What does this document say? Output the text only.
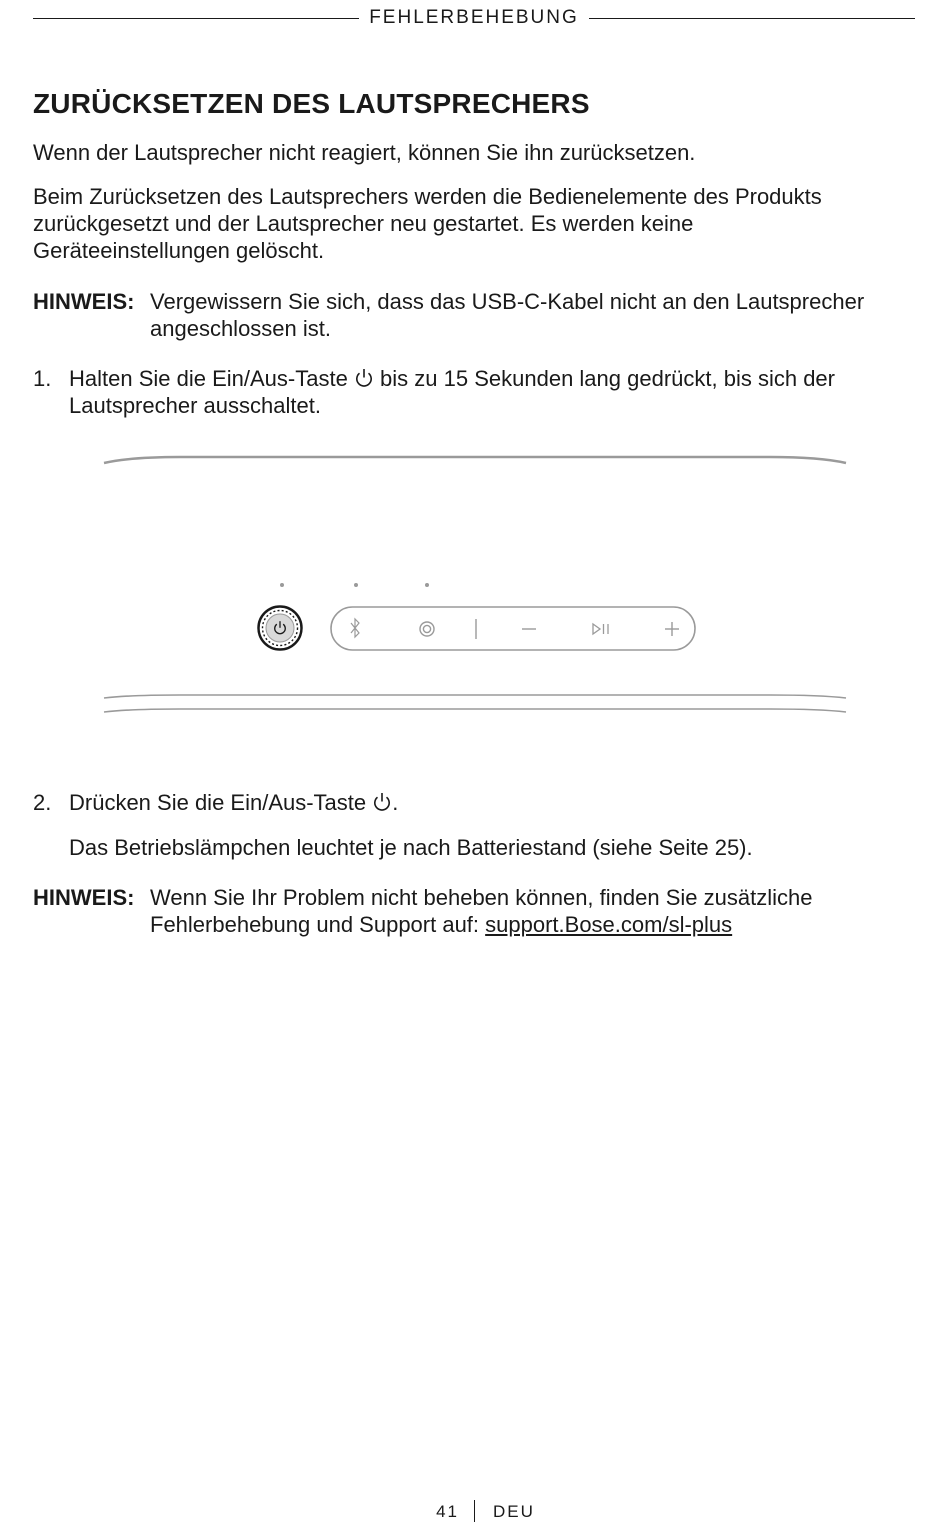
FEHLERBEHEBUNG
ZURÜCKSETZEN DES LAUTSPRECHERS

Wenn der Lautsprecher nicht reagiert, können Sie ihn zurücksetzen.

Beim Zurücksetzen des Lautsprechers werden die Bedienelemente des Produkts zurückgesetzt und der Lautsprecher neu gestartet. Es werden keine Geräteeinstellungen gelöscht.

HINWEIS: Vergewissern Sie sich, dass das USB-C-Kabel nicht an den Lautsprecher angeschlossen ist.
1. Halten Sie die Ein/Aus-Taste  bis zu 15 Sekunden lang gedrückt, bis sich der Lautsprecher ausschaltet.
2. Drücken Sie die Ein/Aus-Taste .

Das Betriebslämpchen leuchtet je nach Batteriestand (siehe Seite 25).

HINWEIS: Wenn Sie Ihr Problem nicht beheben können, finden Sie zusätzliche Fehlerbehebung und Support auf: support.Bose.com/sl-plus
41 DEU
